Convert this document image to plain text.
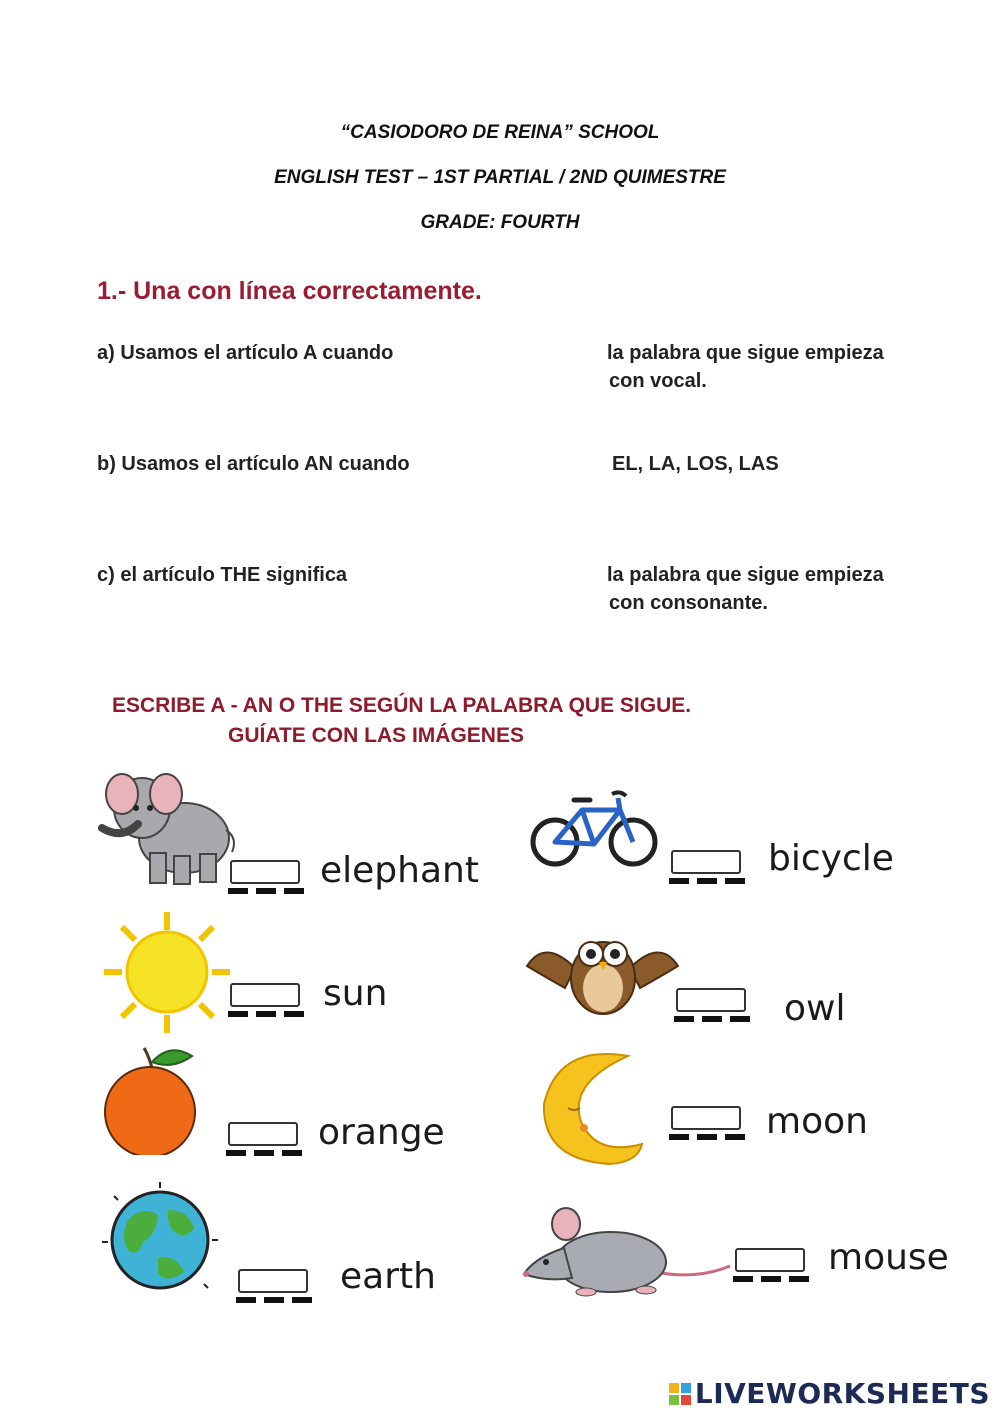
“CASIODORO DE REINA” SCHOOL
ENGLISH TEST – 1ST PARTIAL / 2ND QUIMESTRE
GRADE: FOURTH
1.- Una con línea correctamente.
a) Usamos el artículo A cuando
b) Usamos el artículo AN cuando
c) el artículo THE significa
la palabra que sigue empieza
con vocal.
EL, LA, LOS, LAS
la palabra que sigue empieza
con consonante.
ESCRIBE A - AN O THE SEGÚN LA PALABRA QUE SIGUE.
GUÍATE CON LAS IMÁGENES
elephant
sun
orange
earth
bicycle
owl
moon
mouse
LIVEWORKSHEETS
